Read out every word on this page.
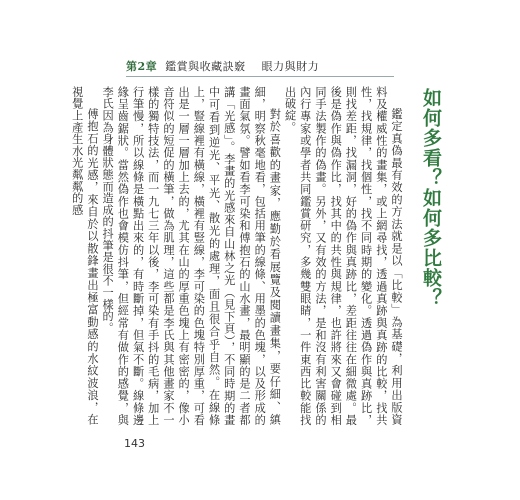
第2章 鑑賞與收藏訣竅 眼力與財力
如何多看？如何多比較？

鑑定真偽最有效的方法就是以「比較」為基礎，利用出版資料及權威性的畫集，或上網尋找，透過真跡與真跡的比較，找共性，找規律，找個性，找不同時期的變化。透過偽作與真跡比，則找差距，找漏洞，好的偽作與真跡比，差距往往在細微處。最後是偽作與偽作比，找其中的共性與規律，也許將來又會碰到相同手法製作的偽畫。另外，又有效的方法，是和沒有利害關係的內行專家或學者共同鑑賞研究，多幾雙眼睛，一件東西比較能找出破綻。

對於喜歡的畫家，應勤於看展覽及閱讀畫集，要仔細、縝細，明察秋毫地看，包括用筆的線條、用墨的色塊，以及形成的畫面氣氛。譬如看李可染和傅抱石的山水畫，最明顯的是二者都講「光感」。李畫的光感來自山林之光（見下頁），不同時期的畫中可看到逆光、平光、散光的處理，面且很合乎自然。在線條上，豎線裡有橫線，橫裡有豎線，李可染的色塊特別厚重，可看出是一層一層加上去的，尤其在山的厚重色塊上有密密的，像小音符似的短促的橫筆，做為肌理，這些都是李氏與其他畫家不一樣的獨特技法，而一九七三年以後，李可染有手抖的毛病，加上行筆慢，所以線條是橫點出來的，有時斷掉，但氣不斷。線條邊緣呈齒鋸狀。當然偽作也會模仿抖筆，但經常有做作的感覺，與李氏因為身體狀態而造成的抖筆是很不一樣的。

傅抱石的光感，來自於以散鋒畫出極富動感的水紋波浪，在視覺上產生水光粼粼的感

143
